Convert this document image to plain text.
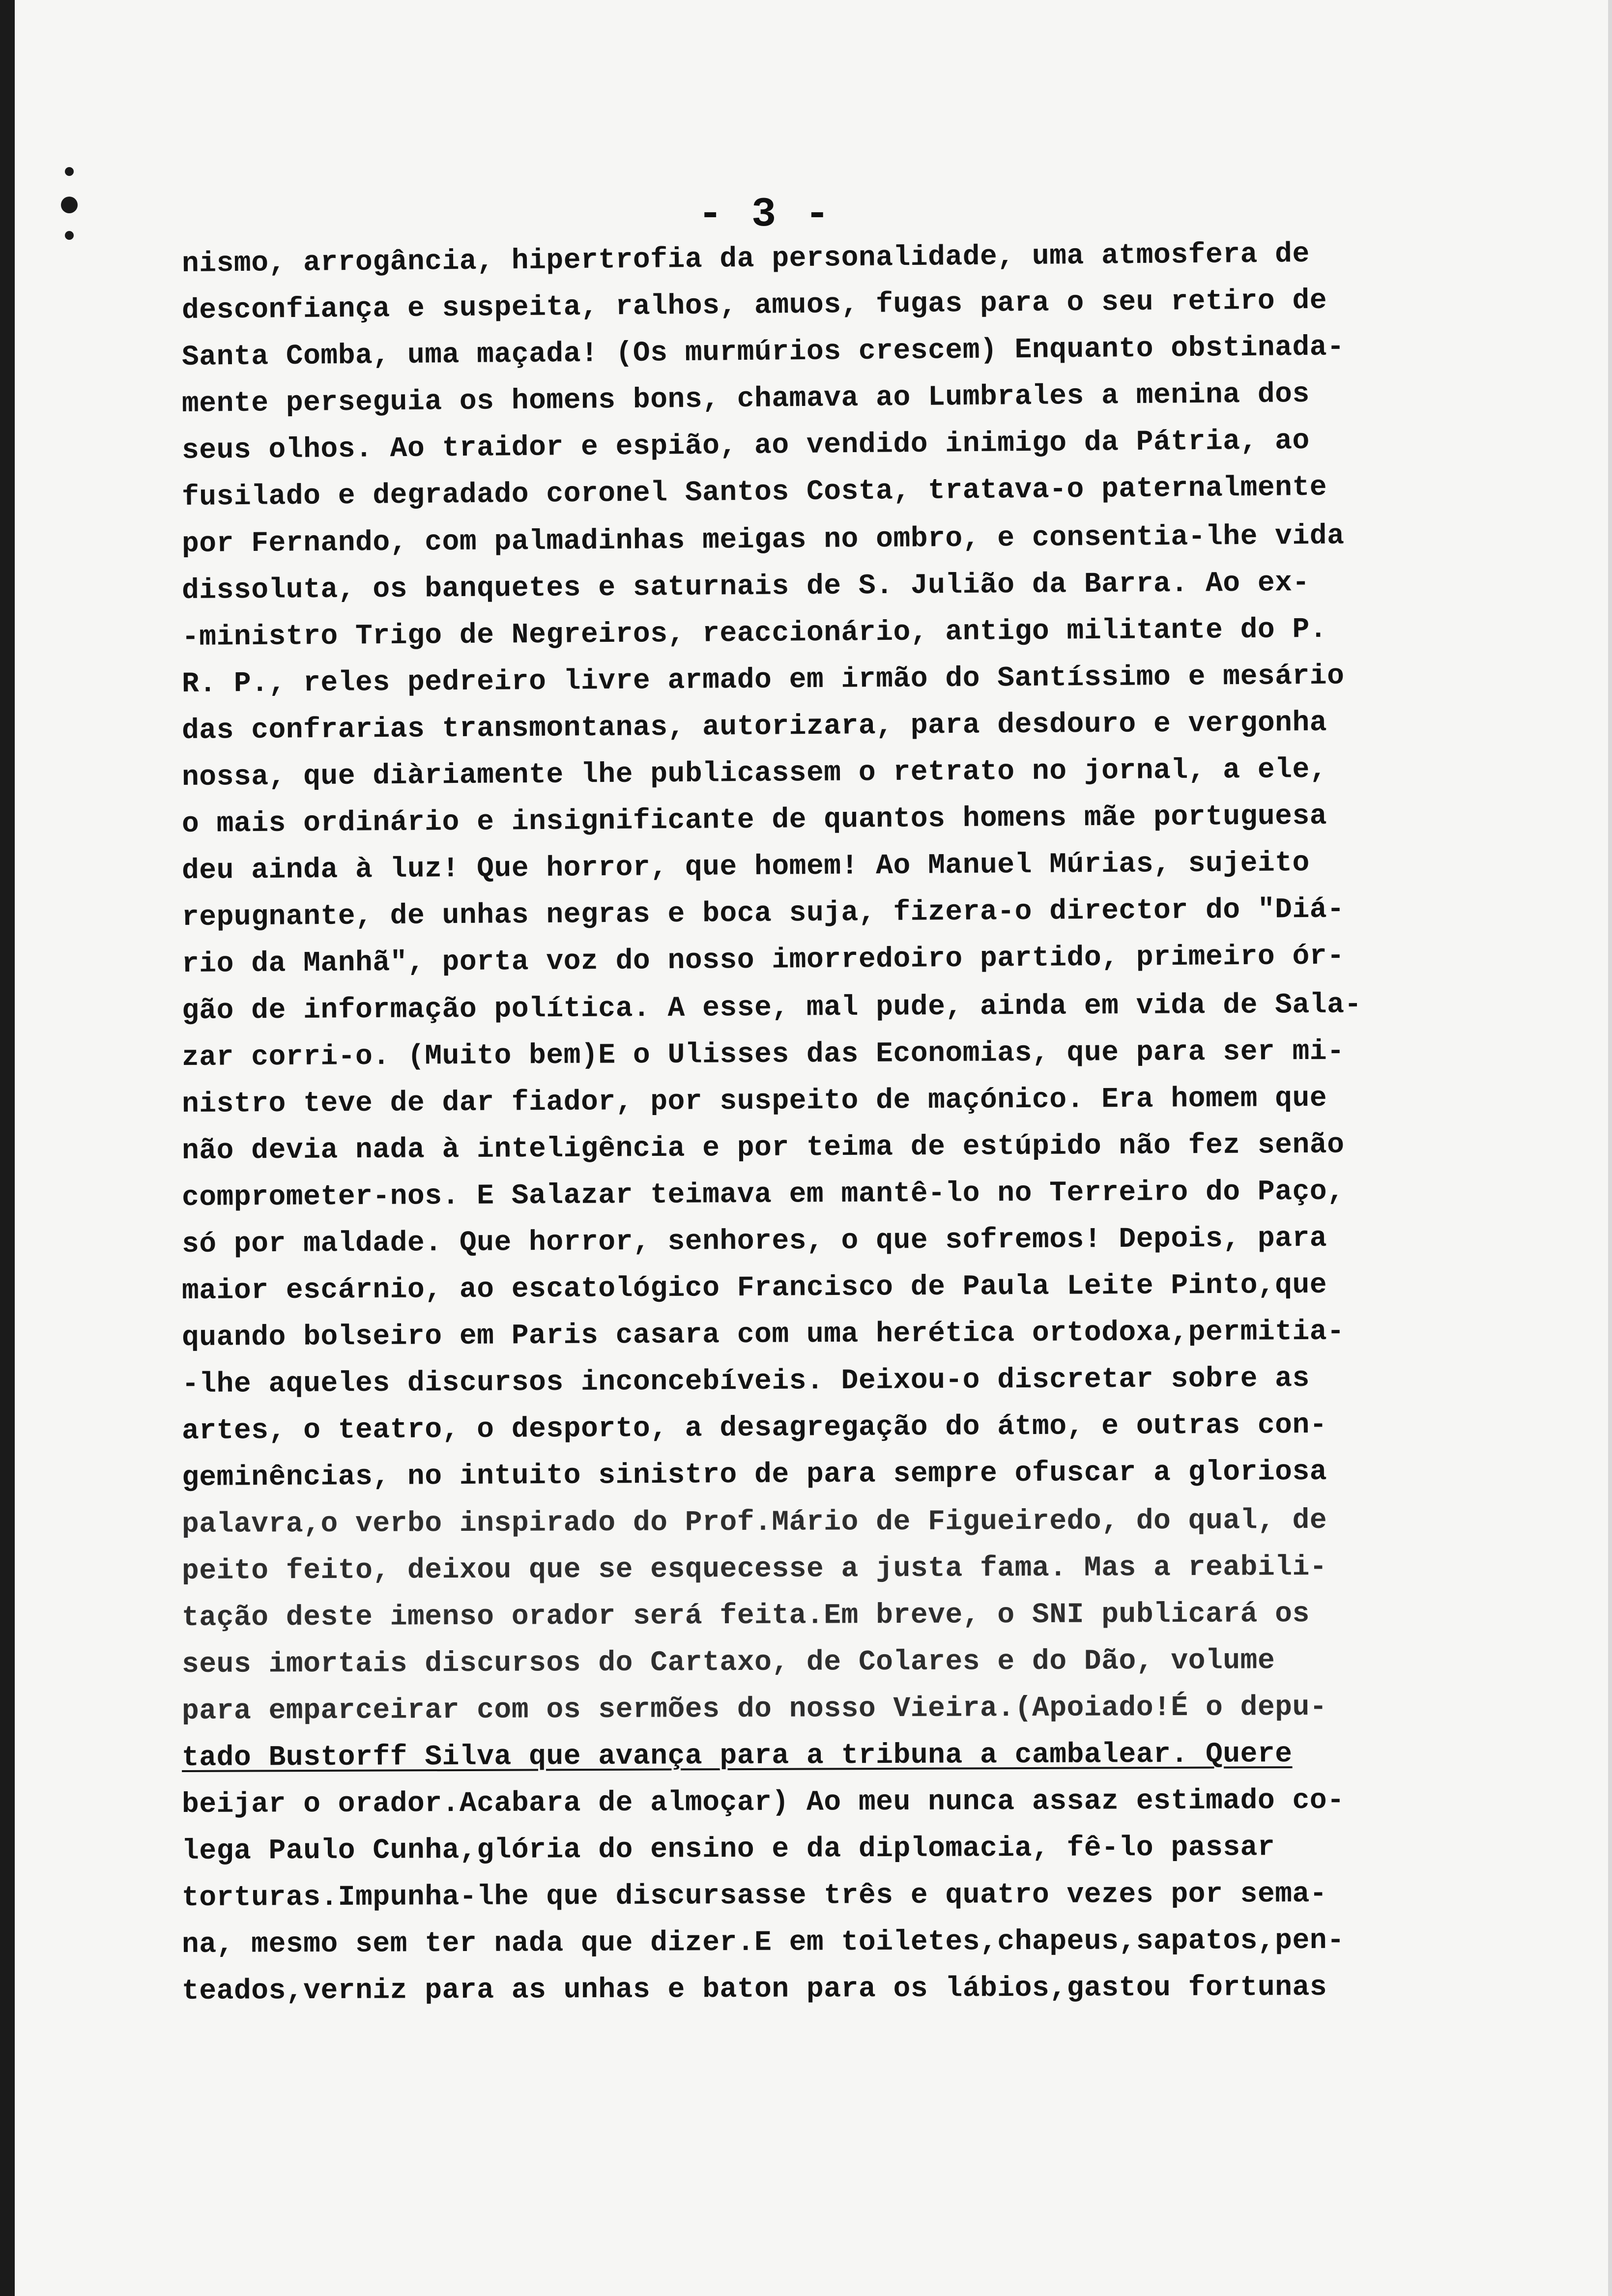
- 3 -
nismo, arrogância, hipertrofia da personalidade, uma atmosfera de
desconfiança e suspeita, ralhos, amuos, fugas para o seu retiro de
Santa Comba, uma maçada! (Os murmúrios crescem) Enquanto obstinada-
mente perseguia os homens bons, chamava ao Lumbrales a menina dos
seus olhos. Ao traidor e espião, ao vendido inimigo da Pátria, ao
fusilado e degradado coronel Santos Costa, tratava-o paternalmente
por Fernando, com palmadinhas meigas no ombro, e consentia-lhe vida
dissoluta, os banquetes e saturnais de S. Julião da Barra. Ao ex-
-ministro Trigo de Negreiros, reaccionário, antigo militante do P.
R. P., reles pedreiro livre armado em irmão do Santíssimo e mesário
das confrarias transmontanas, autorizara, para desdouro e vergonha
nossa, que diàriamente lhe publicassem o retrato no jornal, a ele,
o mais ordinário e insignificante de quantos homens mãe portuguesa
deu ainda à luz! Que horror, que homem! Ao Manuel Múrias, sujeito
repugnante, de unhas negras e boca suja, fizera-o director do "Diá-
rio da Manhã", porta voz do nosso imorredoiro partido, primeiro ór-
gão de informação política. A esse, mal pude, ainda em vida de Sala-
zar corri-o. (Muito bem)E o Ulisses das Economias, que para ser mi-
nistro teve de dar fiador, por suspeito de maçónico. Era homem que
não devia nada à inteligência e por teima de estúpido não fez senão
comprometer-nos. E Salazar teimava em mantê-lo no Terreiro do Paço,
só por maldade. Que horror, senhores, o que sofremos! Depois, para
maior escárnio, ao escatológico Francisco de Paula Leite Pinto,que
quando bolseiro em Paris casara com uma herética ortodoxa,permitia-
-lhe aqueles discursos inconcebíveis. Deixou-o discretar sobre as
artes, o teatro, o desporto, a desagregação do átmo, e outras con-
geminências, no intuito sinistro de para sempre ofuscar a gloriosa
palavra,o verbo inspirado do Prof.Mário de Figueiredo, do qual, de
peito feito, deixou que se esquecesse a justa fama. Mas a reabili-
tação deste imenso orador será feita.Em breve, o SNI publicará os
seus imortais discursos do Cartaxo, de Colares e do Dão, volume
para emparceirar com os sermões do nosso Vieira.(Apoiado!É o depu-
tado Bustorff Silva que avança para a tribuna a cambalear. Quere
beijar o orador.Acabara de almoçar) Ao meu nunca assaz estimado co-
lega Paulo Cunha,glória do ensino e da diplomacia, fê-lo passar
torturas.Impunha-lhe que discursasse três e quatro vezes por sema-
na, mesmo sem ter nada que dizer.E em toiletes,chapeus,sapatos,pen-
teados,verniz para as unhas e baton para os lábios,gastou fortunas
